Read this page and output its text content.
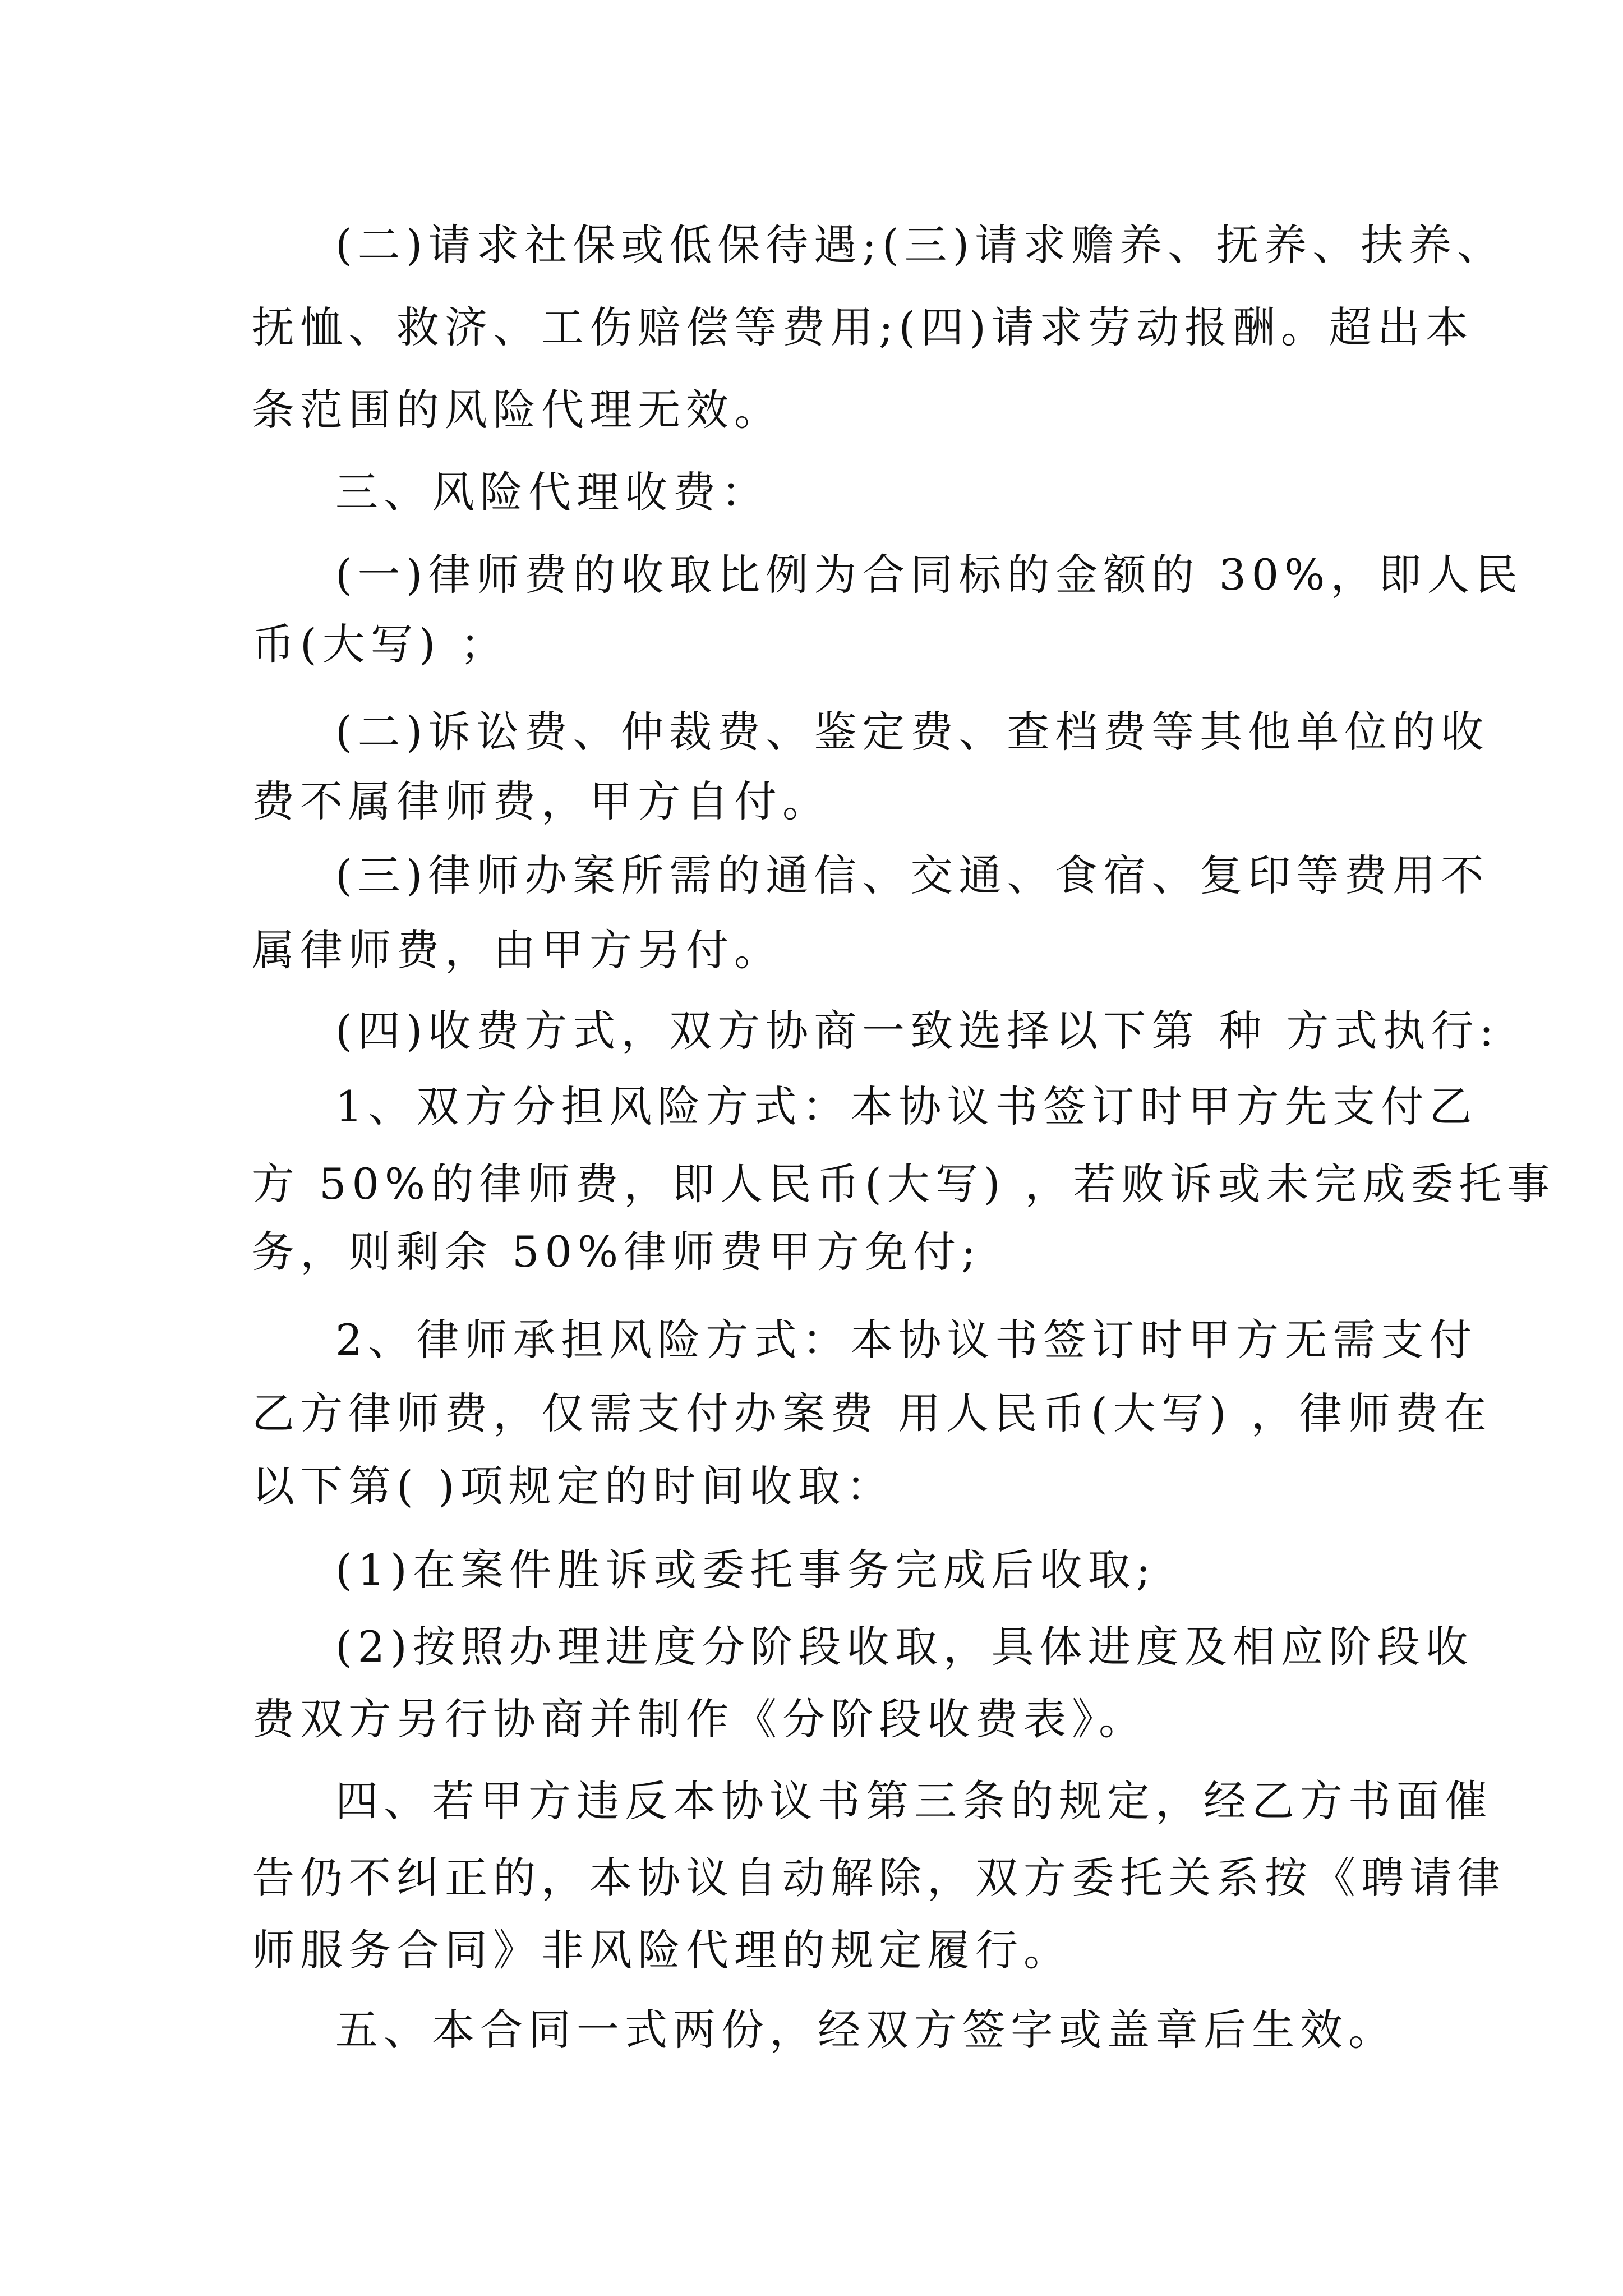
(二)请求社保或低保待遇;(三)请求赡养、抚养、扶养、
抚恤、救济、工伤赔偿等费用;(四)请求劳动报酬。超出本
条范围的风险代理无效。
三、风险代理收费：
(一)律师费的收取比例为合同标的金额的 30%，即人民
币(大写) ；
(二)诉讼费、仲裁费、鉴定费、查档费等其他单位的收
费不属律师费，甲方自付。
(三)律师办案所需的通信、交通、食宿、复印等费用不
属律师费，由甲方另付。
(四)收费方式，双方协商一致选择以下第 种 方式执行:
1、双方分担风险方式：本协议书签订时甲方先支付乙
方 50%的律师费，即人民币(大写) ，若败诉或未完成委托事
务，则剩余 50%律师费甲方免付;
2、律师承担风险方式：本协议书签订时甲方无需支付
乙方律师费，仅需支付办案费 用人民币(大写) ，律师费在
以下第( )项规定的时间收取：
(1)在案件胜诉或委托事务完成后收取;
(2)按照办理进度分阶段收取，具体进度及相应阶段收
费双方另行协商并制作《分阶段收费表》。
四、若甲方违反本协议书第三条的规定，经乙方书面催
告仍不纠正的，本协议自动解除，双方委托关系按《聘请律
师服务合同》非风险代理的规定履行。
五、本合同一式两份，经双方签字或盖章后生效。
